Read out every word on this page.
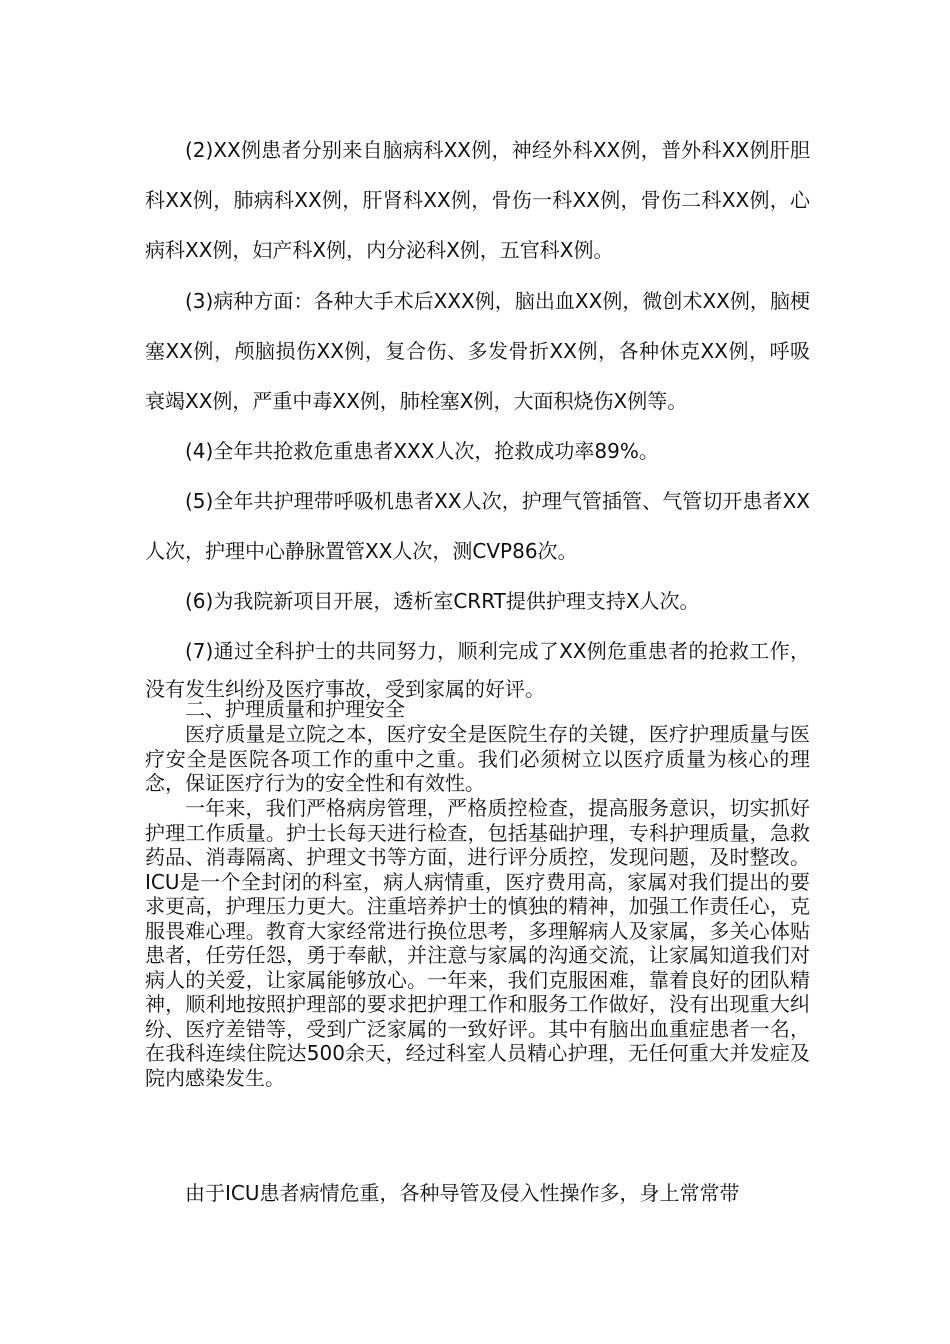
(2)XX例患者分别来自脑病科XX例，神经外科XX例，普外科XX例肝胆科XX例，肺病科XX例，肝肾科XX例，骨伤一科XX例，骨伤二科XX例，心病科XX例，妇产科X例，内分泌科X例，五官科X例。

(3)病种方面：各种大手术后XXX例，脑出血XX例，微创术XX例，脑梗塞XX例，颅脑损伤XX例，复合伤、多发骨折XX例，各种休克XX例，呼吸衰竭XX例，严重中毒XX例，肺栓塞X例，大面积烧伤X例等。

(4)全年共抢救危重患者XXX人次，抢救成功率89%。

(5)全年共护理带呼吸机患者XX人次，护理气管插管、气管切开患者XX人次，护理中心静脉置管XX人次，测CVP86次。

(6)为我院新项目开展，透析室CRRT提供护理支持X人次。

(7)通过全科护士的共同努力，顺利完成了XX例危重患者的抢救工作，没有发生纠纷及医疗事故，受到家属的好评。

二、护理质量和护理安全

医疗质量是立院之本，医疗安全是医院生存的关键，医疗护理质量与医疗安全是医院各项工作的重中之重。我们必须树立以医疗质量为核心的理念，保证医疗行为的安全性和有效性。

一年来，我们严格病房管理，严格质控检查，提高服务意识，切实抓好护理工作质量。护士长每天进行检查，包括基础护理，专科护理质量，急救药品、消毒隔离、护理文书等方面，进行评分质控，发现问题，及时整改。ICU是一个全封闭的科室，病人病情重，医疗费用高，家属对我们提出的要求更高，护理压力更大。注重培养护士的慎独的精神，加强工作责任心，克服畏难心理。教育大家经常进行换位思考，多理解病人及家属，多关心体贴患者，任劳任怨，勇于奉献，并注意与家属的沟通交流，让家属知道我们对病人的关爱，让家属能够放心。一年来，我们克服困难，靠着良好的团队精神，顺利地按照护理部的要求把护理工作和服务工作做好，没有出现重大纠纷、医疗差错等，受到广泛家属的一致好评。其中有脑出血重症患者一名，在我科连续住院达500余天，经过科室人员精心护理，无任何重大并发症及院内感染发生。

由于ICU患者病情危重，各种导管及侵入性操作多，身上常常带
